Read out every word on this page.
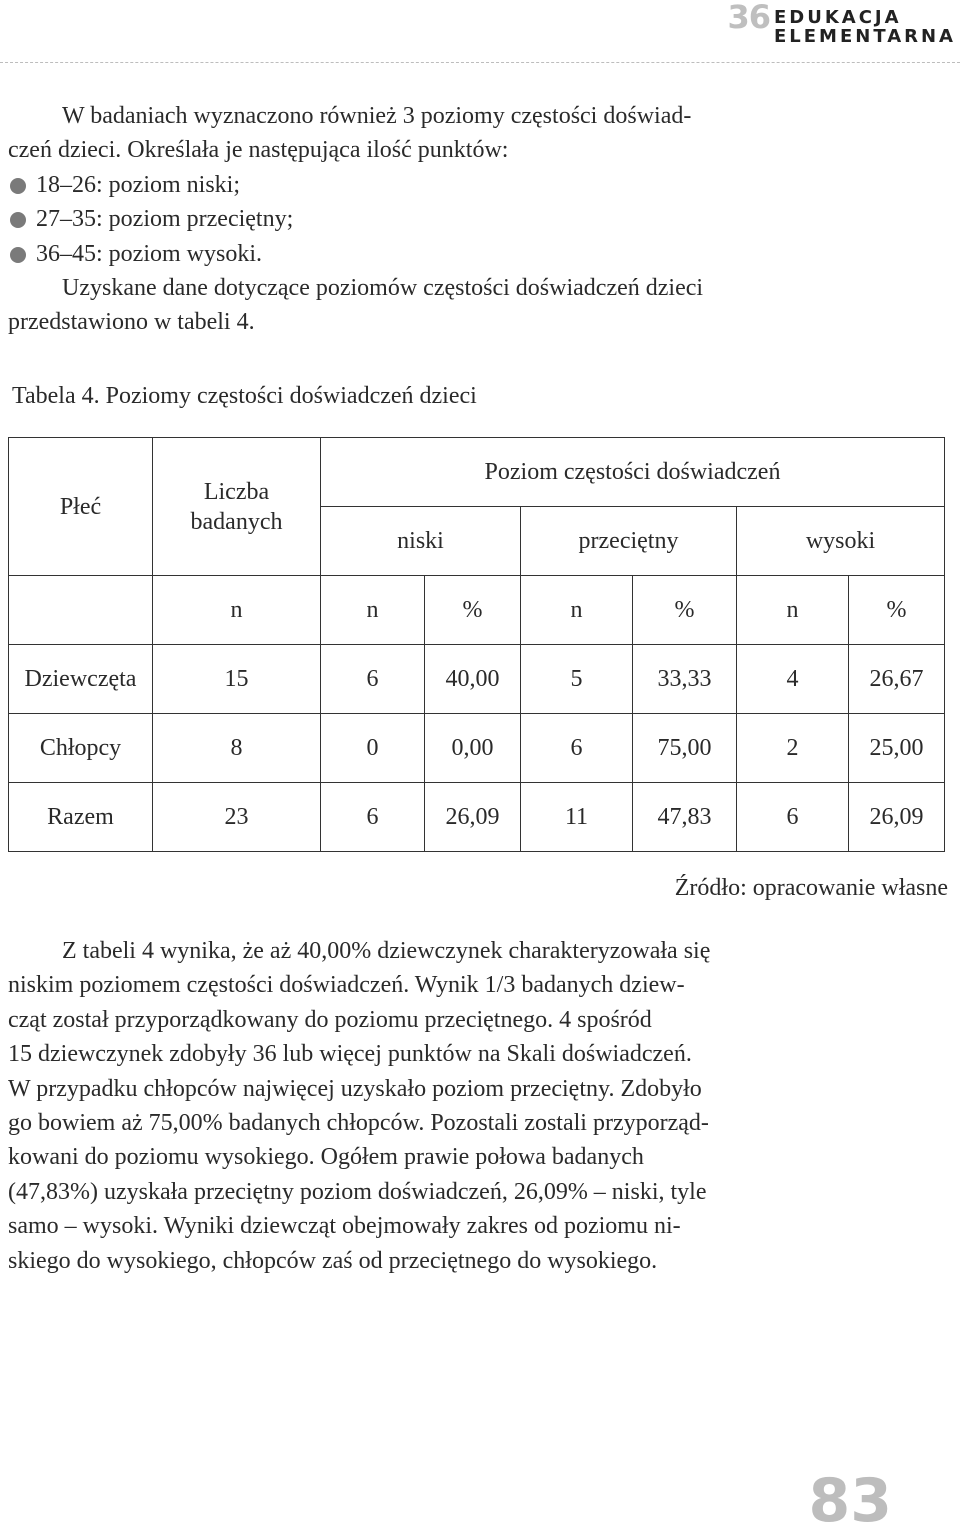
36 EDUKACJA
ELEMENTARNA
W badaniach wyznaczono również 3 poziomy częstości doświad-
czeń dzieci. Określała je następująca ilość punktów:
18–26: poziom niski;
27–35: poziom przeciętny;
36–45: poziom wysoki.
Uzyskane dane dotyczące poziomów częstości doświadczeń dzieci
przedstawiono w tabeli 4.
Tabela 4. Poziomy częstości doświadczeń dzieci
Płeć	Liczba badanych	Poziom częstości doświadczeń					
		niski		przeciętny		wysoki	
	n	n	%	n	%	n	%
Dziewczęta	15	6	40,00	5	33,33	4	26,67
Chłopcy	8	0	0,00	6	75,00	2	25,00
Razem	23	6	26,09	11	47,83	6	26,09
Źródło: opracowanie własne
Z tabeli 4 wynika, że aż 40,00% dziewczynek charakteryzowała się
niskim poziomem częstości doświadczeń. Wynik 1/3 badanych dziew-
cząt został przyporządkowany do poziomu przeciętnego. 4 spośród
15 dziewczynek zdobyły 36 lub więcej punktów na Skali doświadczeń.
W przypadku chłopców najwięcej uzyskało poziom przeciętny. Zdobyło
go bowiem aż 75,00% badanych chłopców. Pozostali zostali przyporząd-
kowani do poziomu wysokiego. Ogółem prawie połowa badanych
(47,83%) uzyskała przeciętny poziom doświadczeń, 26,09% – niski, tyle
samo – wysoki. Wyniki dziewcząt obejmowały zakres od poziomu ni-
skiego do wysokiego, chłopców zaś od przeciętnego do wysokiego.
83
